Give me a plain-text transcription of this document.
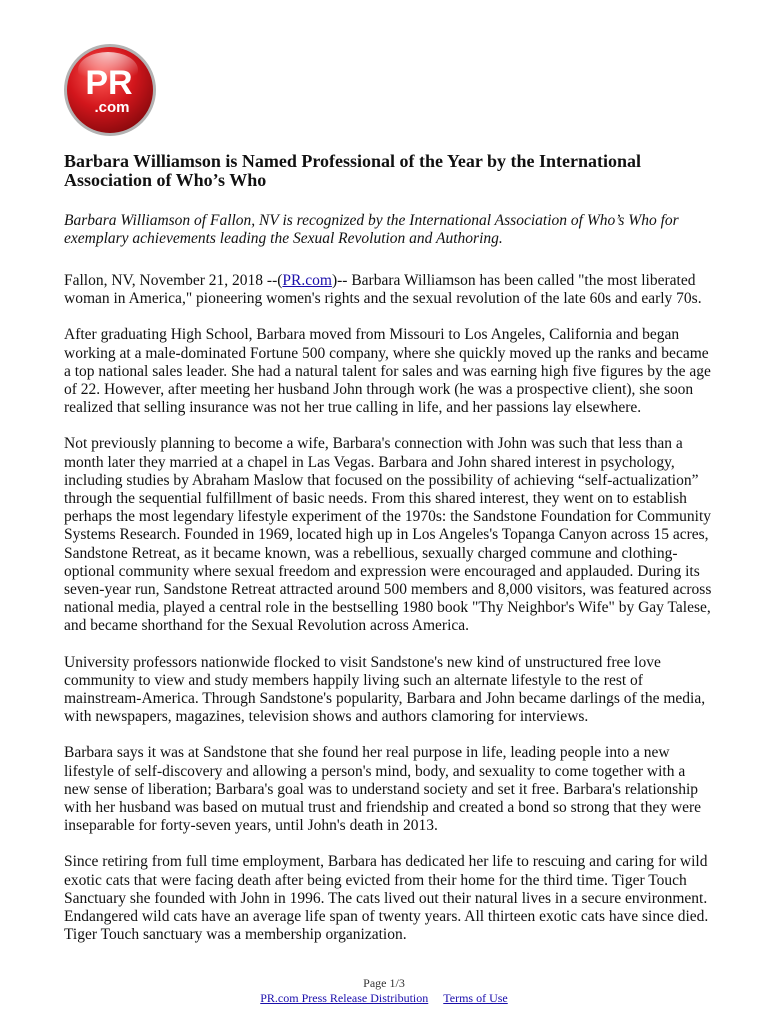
PR
.com
Barbara Williamson is Named Professional of the Year by the International Association of Who’s Who

Barbara Williamson of Fallon, NV is recognized by the International Association of Who’s Who for exemplary achievements leading the Sexual Revolution and Authoring.

Fallon, NV, November 21, 2018 --(PR.com)-- Barbara Williamson has been called "the most liberated woman in America," pioneering women's rights and the sexual revolution of the late 60s and early 70s.

After graduating High School, Barbara moved from Missouri to Los Angeles, California and began working at a male-dominated Fortune 500 company, where she quickly moved up the ranks and became a top national sales leader. She had a natural talent for sales and was earning high five figures by the age of 22. However, after meeting her husband John through work (he was a prospective client), she soon realized that selling insurance was not her true calling in life, and her passions lay elsewhere.

Not previously planning to become a wife, Barbara's connection with John was such that less than a month later they married at a chapel in Las Vegas. Barbara and John shared interest in psychology, including studies by Abraham Maslow that focused on the possibility of achieving “self-actualization” through the sequential fulfillment of basic needs. From this shared interest, they went on to establish perhaps the most legendary lifestyle experiment of the 1970s: the Sandstone Foundation for Community Systems Research. Founded in 1969, located high up in Los Angeles's Topanga Canyon across 15 acres, Sandstone Retreat, as it became known, was a rebellious, sexually charged commune and clothing-optional community where sexual freedom and expression were encouraged and applauded. During its seven-year run, Sandstone Retreat attracted around 500 members and 8,000 visitors, was featured across national media, played a central role in the bestselling 1980 book "Thy Neighbor's Wife" by Gay Talese, and became shorthand for the Sexual Revolution across America.

University professors nationwide flocked to visit Sandstone's new kind of unstructured free love community to view and study members happily living such an alternate lifestyle to the rest of mainstream-America. Through Sandstone's popularity, Barbara and John became darlings of the media, with newspapers, magazines, television shows and authors clamoring for interviews.

Barbara says it was at Sandstone that she found her real purpose in life, leading people into a new lifestyle of self-discovery and allowing a person's mind, body, and sexuality to come together with a new sense of liberation; Barbara's goal was to understand society and set it free. Barbara's relationship with her husband was based on mutual trust and friendship and created a bond so strong that they were inseparable for forty-seven years, until John's death in 2013.

Since retiring from full time employment, Barbara has dedicated her life to rescuing and caring for wild exotic cats that were facing death after being evicted from their home for the third time. Tiger Touch Sanctuary she founded with John in 1996. The cats lived out their natural lives in a secure environment. Endangered wild cats have an average life span of twenty years. All thirteen exotic cats have since died. Tiger Touch sanctuary was a membership organization.

Page 1/3
PR.com Press Release Distribution Terms of Use
